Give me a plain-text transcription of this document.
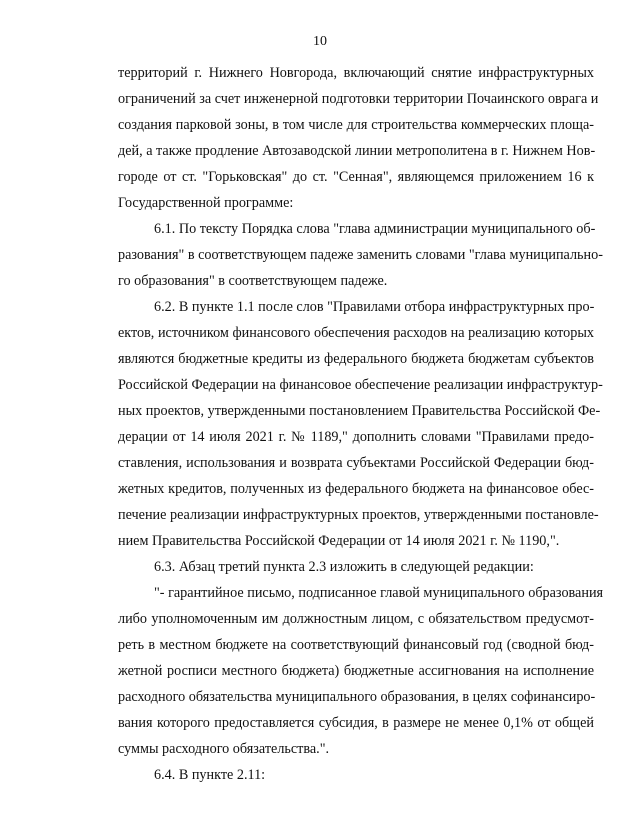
10
территорий г. Нижнего Новгорода, включающий снятие инфраструктурных
ограничений за счет инженерной подготовки территории Почаинского оврага и
создания парковой зоны, в том числе для строительства коммерческих площа-
дей, а также продление Автозаводской линии метрополитена в г. Нижнем Нов-
городе от ст. "Горьковская" до ст. "Сенная", являющемся приложением 16 к
Государственной программе:
6.1. По тексту Порядка слова "глава администрации муниципального об-
разования" в соответствующем падеже заменить словами "глава муниципально-
го образования" в соответствующем падеже.
6.2. В пункте 1.1 после слов "Правилами отбора инфраструктурных про-
ектов, источником финансового обеспечения расходов на реализацию которых
являются бюджетные кредиты из федерального бюджета бюджетам субъектов
Российской Федерации на финансовое обеспечение реализации инфраструктур-
ных проектов, утвержденными постановлением Правительства Российской Фе-
дерации от 14 июля 2021 г. № 1189," дополнить словами "Правилами предо-
ставления, использования и возврата субъектами Российской Федерации бюд-
жетных кредитов, полученных из федерального бюджета на финансовое обес-
печение реализации инфраструктурных проектов, утвержденными постановле-
нием Правительства Российской Федерации от 14 июля 2021 г. № 1190,".
6.3. Абзац третий пункта 2.3 изложить в следующей редакции:
"- гарантийное письмо, подписанное главой муниципального образования
либо уполномоченным им должностным лицом, с обязательством предусмот-
реть в местном бюджете на соответствующий финансовый год (сводной бюд-
жетной росписи местного бюджета) бюджетные ассигнования на исполнение
расходного обязательства муниципального образования, в целях софинансиро-
вания которого предоставляется субсидия, в размере не менее 0,1% от общей
суммы расходного обязательства.".
6.4. В пункте 2.11:
